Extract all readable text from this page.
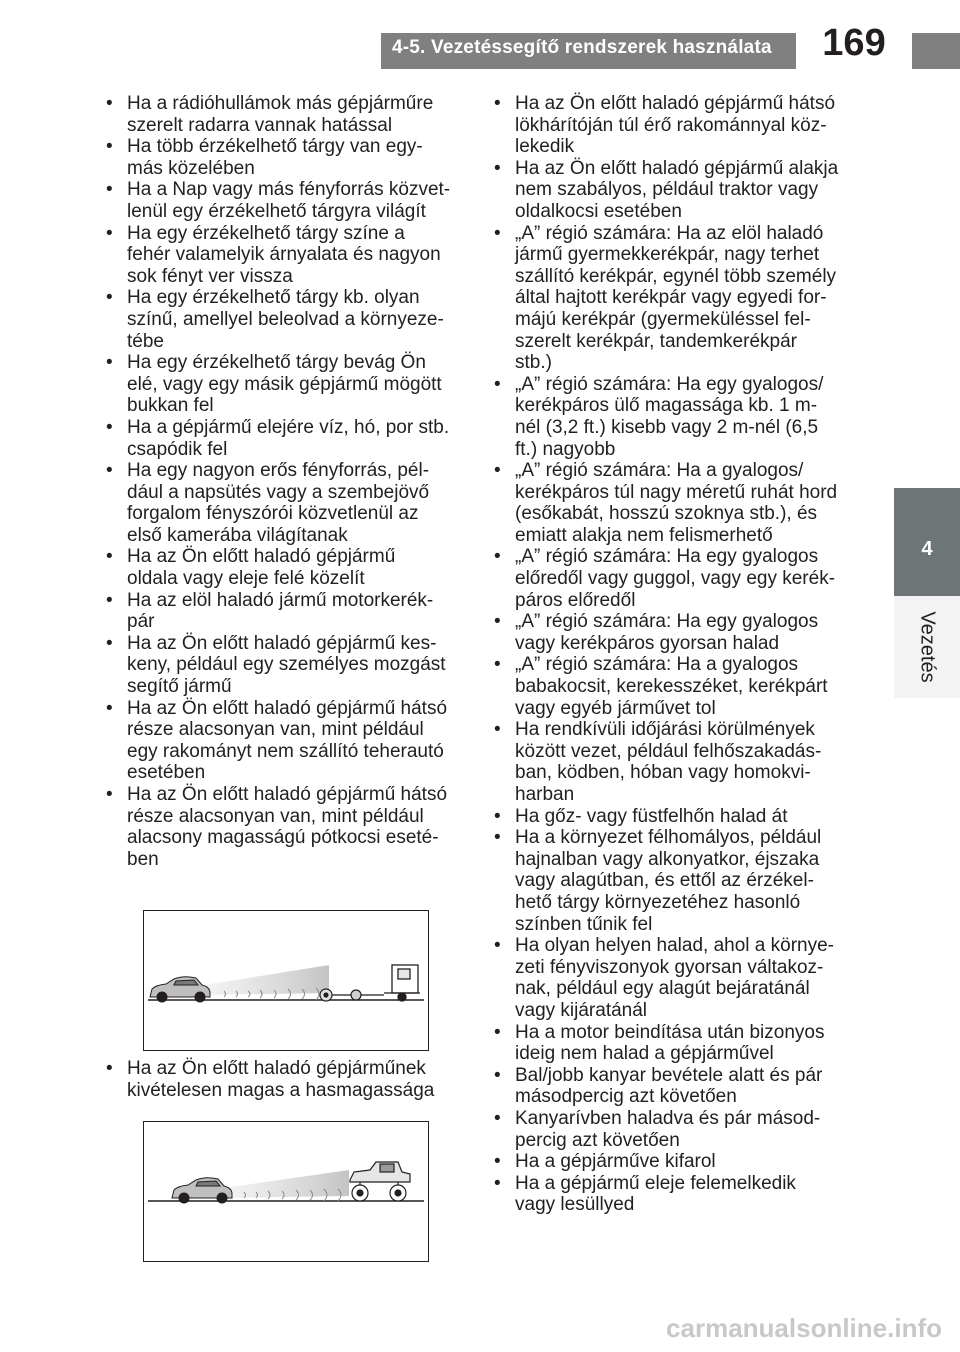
4-5. Vezetéssegítő rendszerek használata	169
4
Vezetés
• Ha a rádióhullámok más gépjárműre
szerelt radarra vannak hatással
• Ha több érzékelhető tárgy van egy-
más közelében
• Ha a Nap vagy más fényforrás közvet-
lenül egy érzékelhető tárgyra világít
• Ha egy érzékelhető tárgy színe a
fehér valamelyik árnyalata és nagyon
sok fényt ver vissza
• Ha egy érzékelhető tárgy kb. olyan
színű, amellyel beleolvad a környeze-
tébe
• Ha egy érzékelhető tárgy bevág Ön
elé, vagy egy másik gépjármű mögött
bukkan fel
• Ha a gépjármű elejére víz, hó, por stb.
csapódik fel
• Ha egy nagyon erős fényforrás, pél-
dául a napsütés vagy a szembejövő
forgalom fényszórói közvetlenül az
első kamerába világítanak
• Ha az Ön előtt haladó gépjármű
oldala vagy eleje felé közelít
• Ha az elöl haladó jármű motorkerék-
pár
• Ha az Ön előtt haladó gépjármű kes-
keny, például egy személyes mozgást
segítő jármű
• Ha az Ön előtt haladó gépjármű hátsó
része alacsonyan van, mint például
egy rakományt nem szállító teherautó
esetében
• Ha az Ön előtt haladó gépjármű hátsó
része alacsonyan van, mint például
alacsony magasságú pótkocsi eseté-
ben
• Ha az Ön előtt haladó gépjárműnek
kivételesen magas a hasmagassága
• Ha az Ön előtt haladó gépjármű hátsó
lökhárítóján túl érő rakománnyal köz-
lekedik
• Ha az Ön előtt haladó gépjármű alakja
nem szabályos, például traktor vagy
oldalkocsi esetében
• „A” régió számára: Ha az elöl haladó
jármű gyermekkerékpár, nagy terhet
szállító kerékpár, egynél több személy
által hajtott kerékpár vagy egyedi for-
májú kerékpár (gyermeküléssel fel-
szerelt kerékpár, tandemkerékpár
stb.)
• „A” régió számára: Ha egy gyalogos/
kerékpáros ülő magassága kb. 1 m-
nél (3,2 ft.) kisebb vagy 2 m-nél (6,5
ft.) nagyobb
• „A” régió számára: Ha a gyalogos/
kerékpáros túl nagy méretű ruhát hord
(esőkabát, hosszú szoknya stb.), és
emiatt alakja nem felismerhető
• „A” régió számára: Ha egy gyalogos
előredől vagy guggol, vagy egy kerék-
páros előredől
• „A” régió számára: Ha egy gyalogos
vagy kerékpáros gyorsan halad
• „A” régió számára: Ha a gyalogos
babakocsit, kerekesszéket, kerékpárt
vagy egyéb járművet tol
• Ha rendkívüli időjárási körülmények
között vezet, például felhőszakadás-
ban, ködben, hóban vagy homokvi-
harban
• Ha gőz- vagy füstfelhőn halad át
• Ha a környezet félhomályos, például
hajnalban vagy alkonyatkor, éjszaka
vagy alagútban, és ettől az érzékel-
hető tárgy környezetéhez hasonló
színben tűnik fel
• Ha olyan helyen halad, ahol a környe-
zeti fényviszonyok gyorsan váltakoz-
nak, például egy alagút bejáratánál
vagy kijáratánál
• Ha a motor beindítása után bizonyos
ideig nem halad a gépjárművel
• Bal/jobb kanyar bevétele alatt és pár
másodpercig azt követően
• Kanyarívben haladva és pár másod-
percig azt követően
• Ha a gépjárműve kifarol
• Ha a gépjármű eleje felemelkedik
vagy lesüllyed
carmanualsonline.info
